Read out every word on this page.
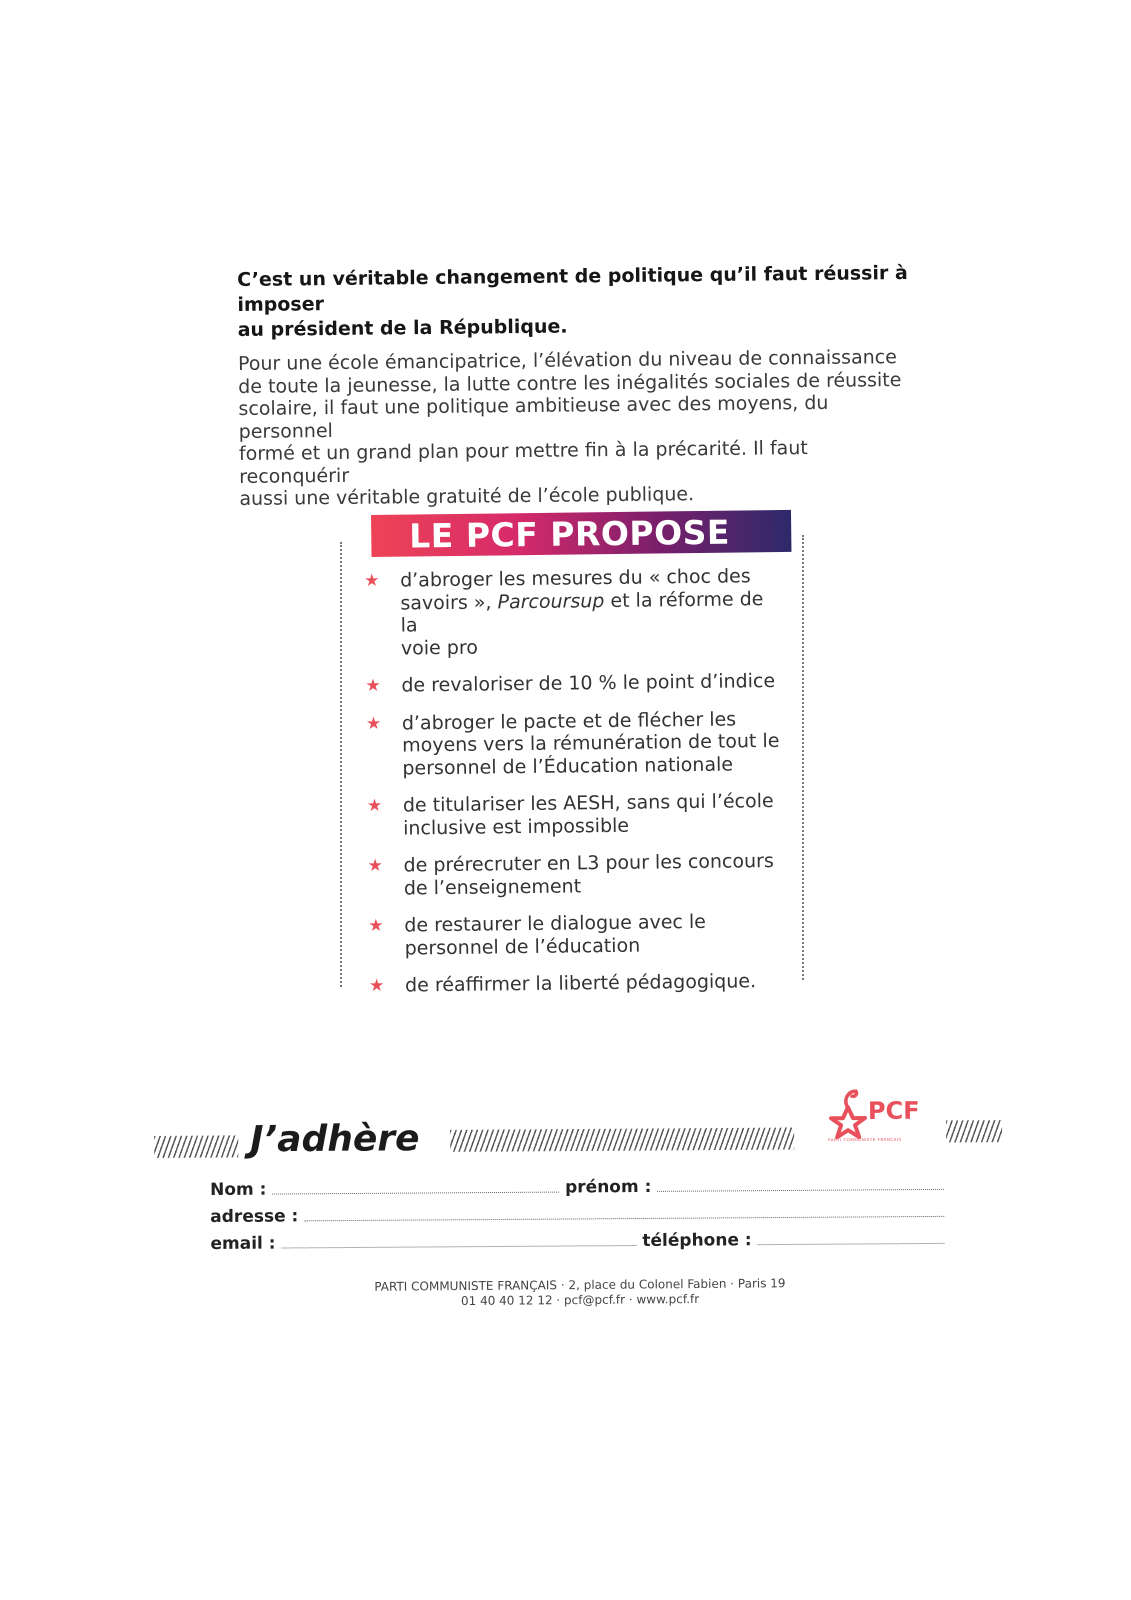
C’est un véritable changement de politique qu’il faut réussir à imposer
au président de la République.

Pour une école émancipatrice, l’élévation du niveau de connaissance
de toute la jeunesse, la lutte contre les inégalités sociales de réussite
scolaire, il faut une politique ambitieuse avec des moyens, du personnel
formé et un grand plan pour mettre fin à la précarité. Il faut reconquérir
aussi une véritable gratuité de l’école publique.

LE PCF PROPOSE
★ d’abroger les mesures du « choc des
savoirs », Parcoursup et la réforme de la
voie pro
★ de revaloriser de 10 % le point d’indice
★ d’abroger le pacte et de flécher les
moyens vers la rémunération de tout le
personnel de l’Éducation nationale
★ de titulariser les AESH, sans qui l’école
inclusive est impossible
★ de prérecruter en L3 pour les concours
de l’enseignement
★ de restaurer le dialogue avec le
personnel de l’éducation
★ de réaffirmer la liberté pédagogique.
J’adhère
PCF
PARTI COMMUNISTE FRANÇAIS
Nom :	prénom :
adresse :
email :	téléphone :
PARTI COMMUNISTE FRANÇAIS · 2, place du Colonel Fabien · Paris 19
01 40 40 12 12 · pcf@pcf.fr · www.pcf.fr
